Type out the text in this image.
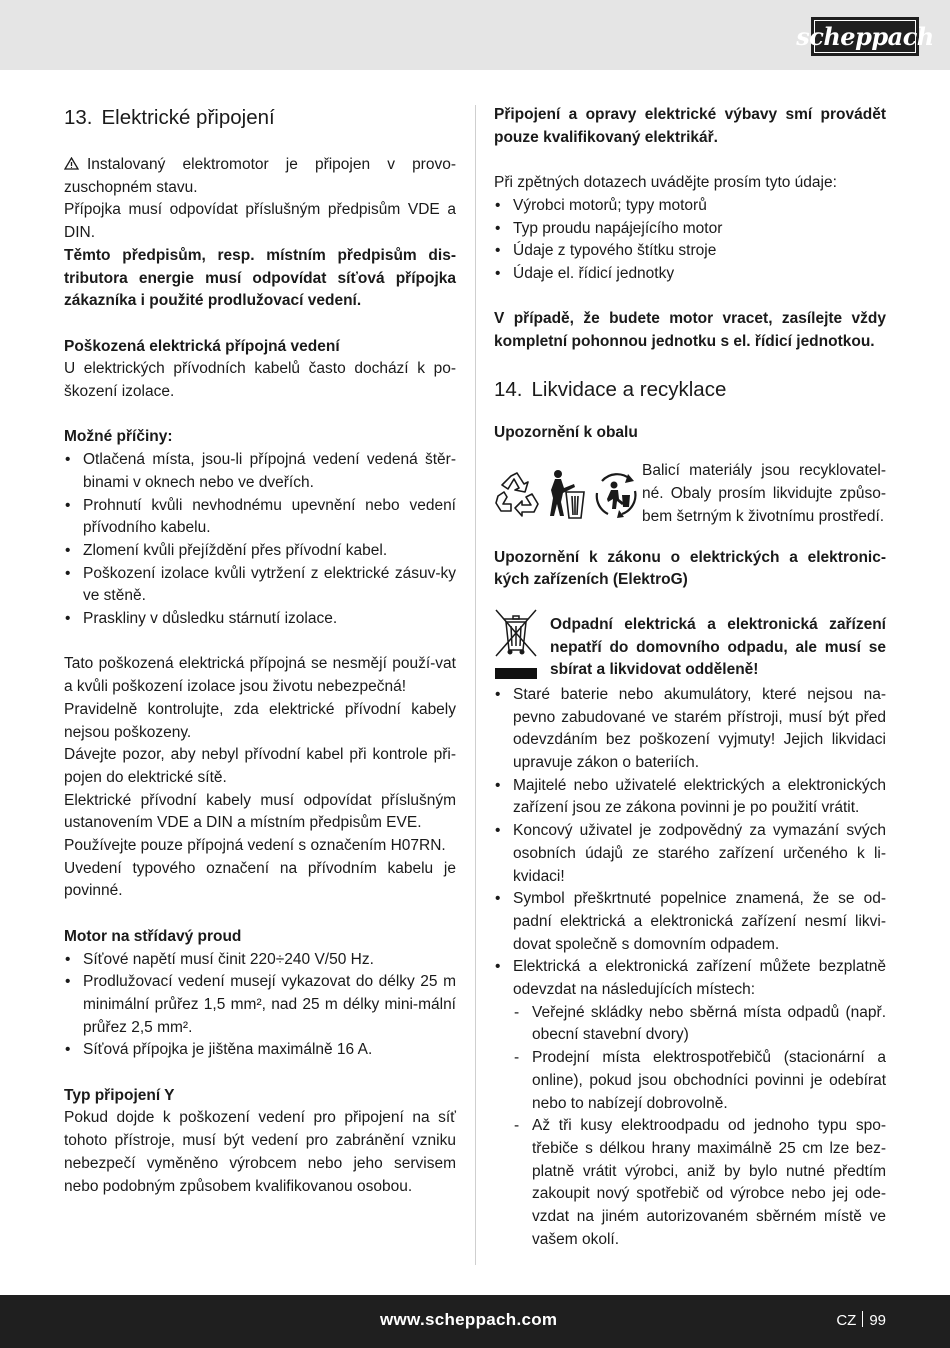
scheppach
13. Elektrické připojení

Instalovaný elektromotor je připojen v provo-zuschopném stavu.

Přípojka musí odpovídat příslušným předpisům VDE a DIN.

Těmto předpisům, resp. místním předpisům dis-tributora energie musí odpovídat síťová přípojka zákazníka i použité prodlužovací vedení.

Poškozená elektrická přípojná vedení

U elektrických přívodních kabelů často dochází k po-škození izolace.

Možné příčiny:

• Otlačená místa, jsou-li přípojná vedení vedená štěr-binami v oknech nebo ve dveřích.
• Prohnutí kvůli nevhodnému upevnění nebo vedení přívodního kabelu.
• Zlomení kvůli přejíždění přes přívodní kabel.
• Poškození izolace kvůli vytržení z elektrické zásuv-ky ve stěně.
• Praskliny v důsledku stárnutí izolace.

Tato poškozená elektrická přípojná se nesmějí použí-vat a kvůli poškození izolace jsou životu nebezpečná!

Pravidelně kontrolujte, zda elektrické přívodní kabely nejsou poškozeny.

Dávejte pozor, aby nebyl přívodní kabel při kontrole při-pojen do elektrické sítě.

Elektrické přívodní kabely musí odpovídat příslušným ustanovením VDE a DIN a místním předpisům EVE.

Používejte pouze přípojná vedení s označením H07RN.

Uvedení typového označení na přívodním kabelu je povinné.

Motor na střídavý proud

• Síťové napětí musí činit 220÷240 V/50 Hz.
• Prodlužovací vedení musejí vykazovat do délky 25 m minimální průřez 1,5 mm², nad 25 m délky mini-mální průřez 2,5 mm².
• Síťová přípojka je jištěna maximálně 16 A.

Typ připojení Y

Pokud dojde k poškození vedení pro připojení na síť tohoto přístroje, musí být vedení pro zabránění vzniku nebezpečí vyměněno výrobcem nebo jeho servisem nebo podobným způsobem kvalifikovanou osobou.

Připojení a opravy elektrické výbavy smí provádět pouze kvalifikovaný elektrikář.

Při zpětných dotazech uvádějte prosím tyto údaje:

• Výrobci motorů; typy motorů
• Typ proudu napájejícího motor
• Údaje z typového štítku stroje
• Údaje el. řídicí jednotky

V případě, že budete motor vracet, zasílejte vždy kompletní pohonnou jednotku s el. řídicí jednotkou.

14. Likvidace a recyklace

Upozornění k obalu

Balicí materiály jsou recyklovatel-né. Obaly prosím likvidujte způso-bem šetrným k životnímu prostředí.

Upozornění k zákonu o elektrických a elektronic-kých zařízeních (ElektroG)

Odpadní elektrická a elektronická zařízení nepatří do domovního odpadu, ale musí se sbírat a likvidovat odděleně!

• Staré baterie nebo akumulátory, které nejsou na-pevno zabudované ve starém přístroji, musí být před odevzdáním bez poškození vyjmuty! Jejich likvidaci upravuje zákon o bateriích.
• Majitelé nebo uživatelé elektrických a elektronických zařízení jsou ze zákona povinni je po použití vrátit.
• Koncový uživatel je zodpovědný za vymazání svých osobních údajů ze starého zařízení určeného k li-kvidaci!
• Symbol přeškrtnuté popelnice znamená, že se od-padní elektrická a elektronická zařízení nesmí likvi-dovat společně s domovním odpadem.
• Elektrická a elektronická zařízení můžete bezplatně odevzdat na následujících místech:
- Veřejné skládky nebo sběrná místa odpadů (např. obecní stavební dvory)
- Prodejní místa elektrospotřebičů (stacionární a online), pokud jsou obchodníci povinni je odebírat nebo to nabízejí dobrovolně.
- Až tři kusy elektroodpadu od jednoho typu spo-třebiče s délkou hrany maximálně 25 cm lze bez-platně vrátit výrobci, aniž by bylo nutné předtím zakoupit nový spotřebič od výrobce nebo jej ode-vzdat na jiném autorizovaném sběrném místě ve vašem okolí.
www.scheppach.com	CZ 99
